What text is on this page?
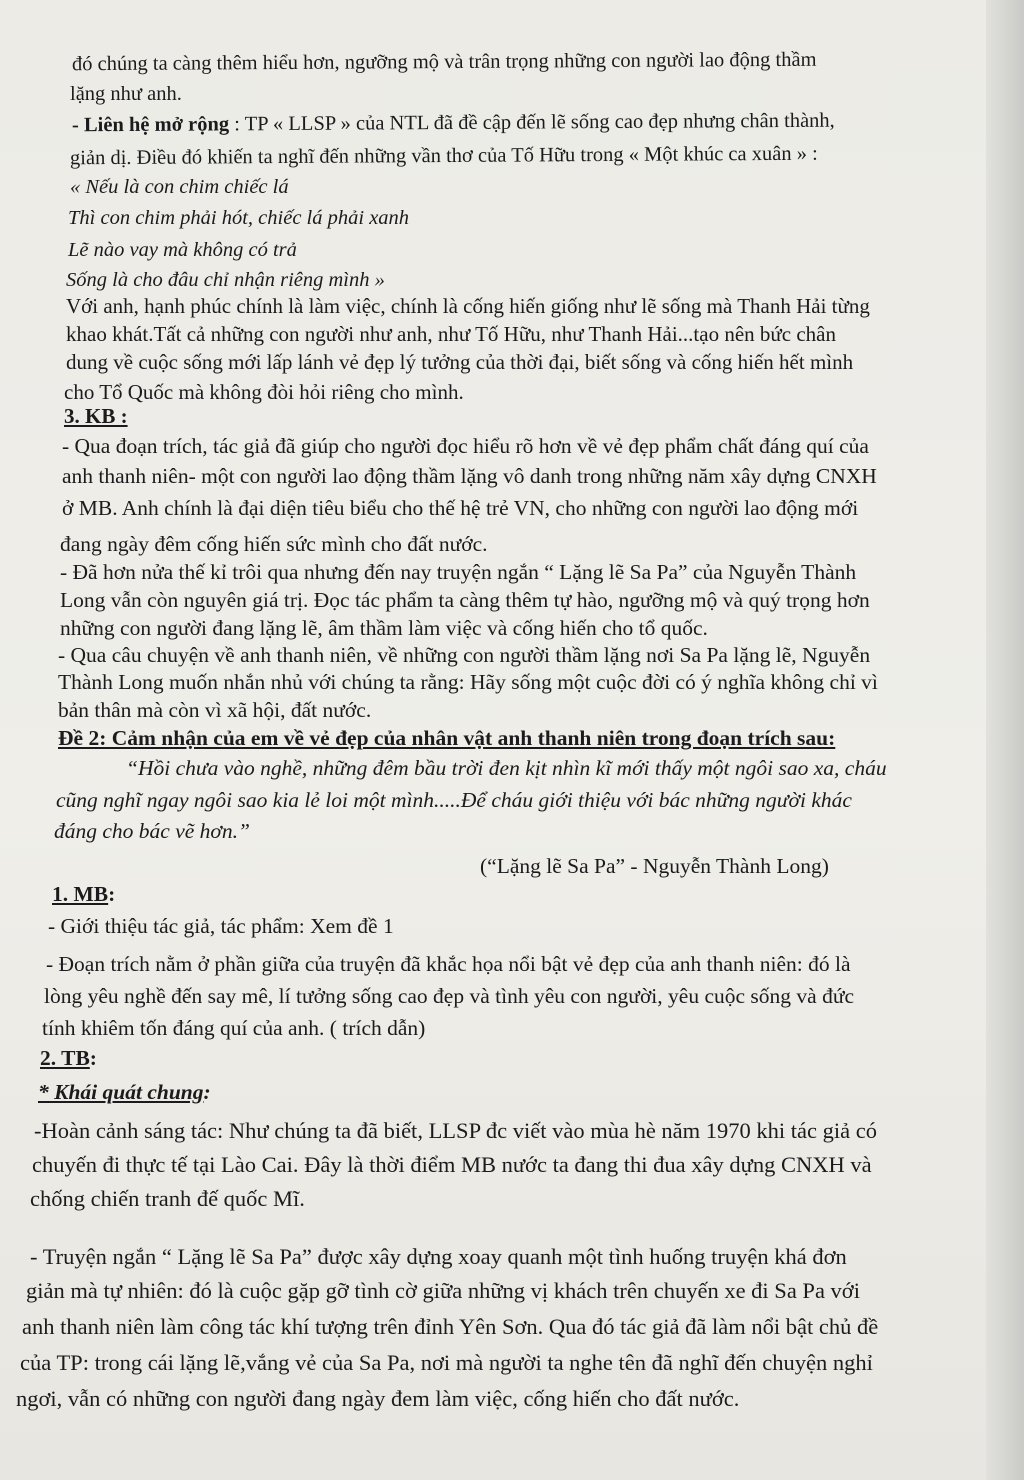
đó chúng ta càng thêm hiểu hơn, ngưỡng mộ và trân trọng những con người lao động thầm

lặng như anh.

- Liên hệ mở rộng : TP « LLSP » của NTL đã đề cập đến lẽ sống cao đẹp nhưng chân thành,

giản dị. Điều đó khiến ta nghĩ đến những vần thơ của Tố Hữu trong « Một khúc ca xuân » :

« Nếu là con chim chiếc lá

Thì con chim phải hót, chiếc lá phải xanh

Lẽ nào vay mà không có trả

Sống là cho đâu chỉ nhận riêng mình »

Với anh, hạnh phúc chính là làm việc, chính là cống hiến giống như lẽ sống mà Thanh Hải từng

khao khát.Tất cả những con người như anh, như Tố Hữu, như Thanh Hải...tạo nên bức chân

dung về cuộc sống mới lấp lánh vẻ đẹp lý tưởng của thời đại, biết sống và cống hiến hết mình

cho Tổ Quốc mà không đòi hỏi riêng cho mình.

3. KB :

- Qua đoạn trích, tác giả đã giúp cho người đọc hiểu rõ hơn về vẻ đẹp phẩm chất đáng quí của

anh thanh niên- một con người lao động thầm lặng vô danh trong những năm xây dựng CNXH

ở MB. Anh chính là đại diện tiêu biểu cho thế hệ trẻ VN, cho những con người lao động mới

đang ngày đêm cống hiến sức mình cho đất nước.

- Đã hơn nửa thế kỉ trôi qua nhưng đến nay truyện ngắn “ Lặng lẽ Sa Pa” của Nguyễn Thành

Long vẫn còn nguyên giá trị. Đọc tác phẩm ta càng thêm tự hào, ngưỡng mộ và quý trọng hơn

những con người đang lặng lẽ, âm thầm làm việc và cống hiến cho tổ quốc.

- Qua câu chuyện về anh thanh niên, về những con người thầm lặng nơi Sa Pa lặng lẽ, Nguyễn

Thành Long muốn nhắn nhủ với chúng ta rằng: Hãy sống một cuộc đời có ý nghĩa không chỉ vì

bản thân mà còn vì xã hội, đất nước.

Đề 2: Cảm nhận của em về vẻ đẹp của nhân vật anh thanh niên trong đoạn trích sau:

“Hồi chưa vào nghề, những đêm bầu trời đen kịt nhìn kĩ mới thấy một ngôi sao xa, cháu

cũng nghĩ ngay ngôi sao kia lẻ loi một mình.....Để cháu giới thiệu với bác những người khác

đáng cho bác vẽ hơn.”

(“Lặng lẽ Sa Pa” - Nguyễn Thành Long)

1. MB:

- Giới thiệu tác giả, tác phẩm: Xem đề 1

- Đoạn trích nằm ở phần giữa của truyện đã khắc họa nổi bật vẻ đẹp của anh thanh niên: đó là

lòng yêu nghề đến say mê, lí tưởng sống cao đẹp và tình yêu con người, yêu cuộc sống và đức

tính khiêm tốn đáng quí của anh. ( trích dẫn)

2. TB:

* Khái quát chung:

-Hoàn cảnh sáng tác: Như chúng ta đã biết, LLSP đc viết vào mùa hè năm 1970 khi tác giả có

chuyến đi thực tế tại Lào Cai. Đây là thời điểm MB nước ta đang thi đua xây dựng CNXH và

chống chiến tranh đế quốc Mĩ.

- Truyện ngắn “ Lặng lẽ Sa Pa” được xây dựng xoay quanh một tình huống truyện khá đơn

giản mà tự nhiên: đó là cuộc gặp gỡ tình cờ giữa những vị khách trên chuyến xe đi Sa Pa với

anh thanh niên làm công tác khí tượng trên đỉnh Yên Sơn. Qua đó tác giả đã làm nổi bật chủ đề

của TP: trong cái lặng lẽ,vắng vẻ của Sa Pa, nơi mà người ta nghe tên đã nghĩ đến chuyện nghỉ

ngơi, vẫn có những con người đang ngày đem làm việc, cống hiến cho đất nước.
